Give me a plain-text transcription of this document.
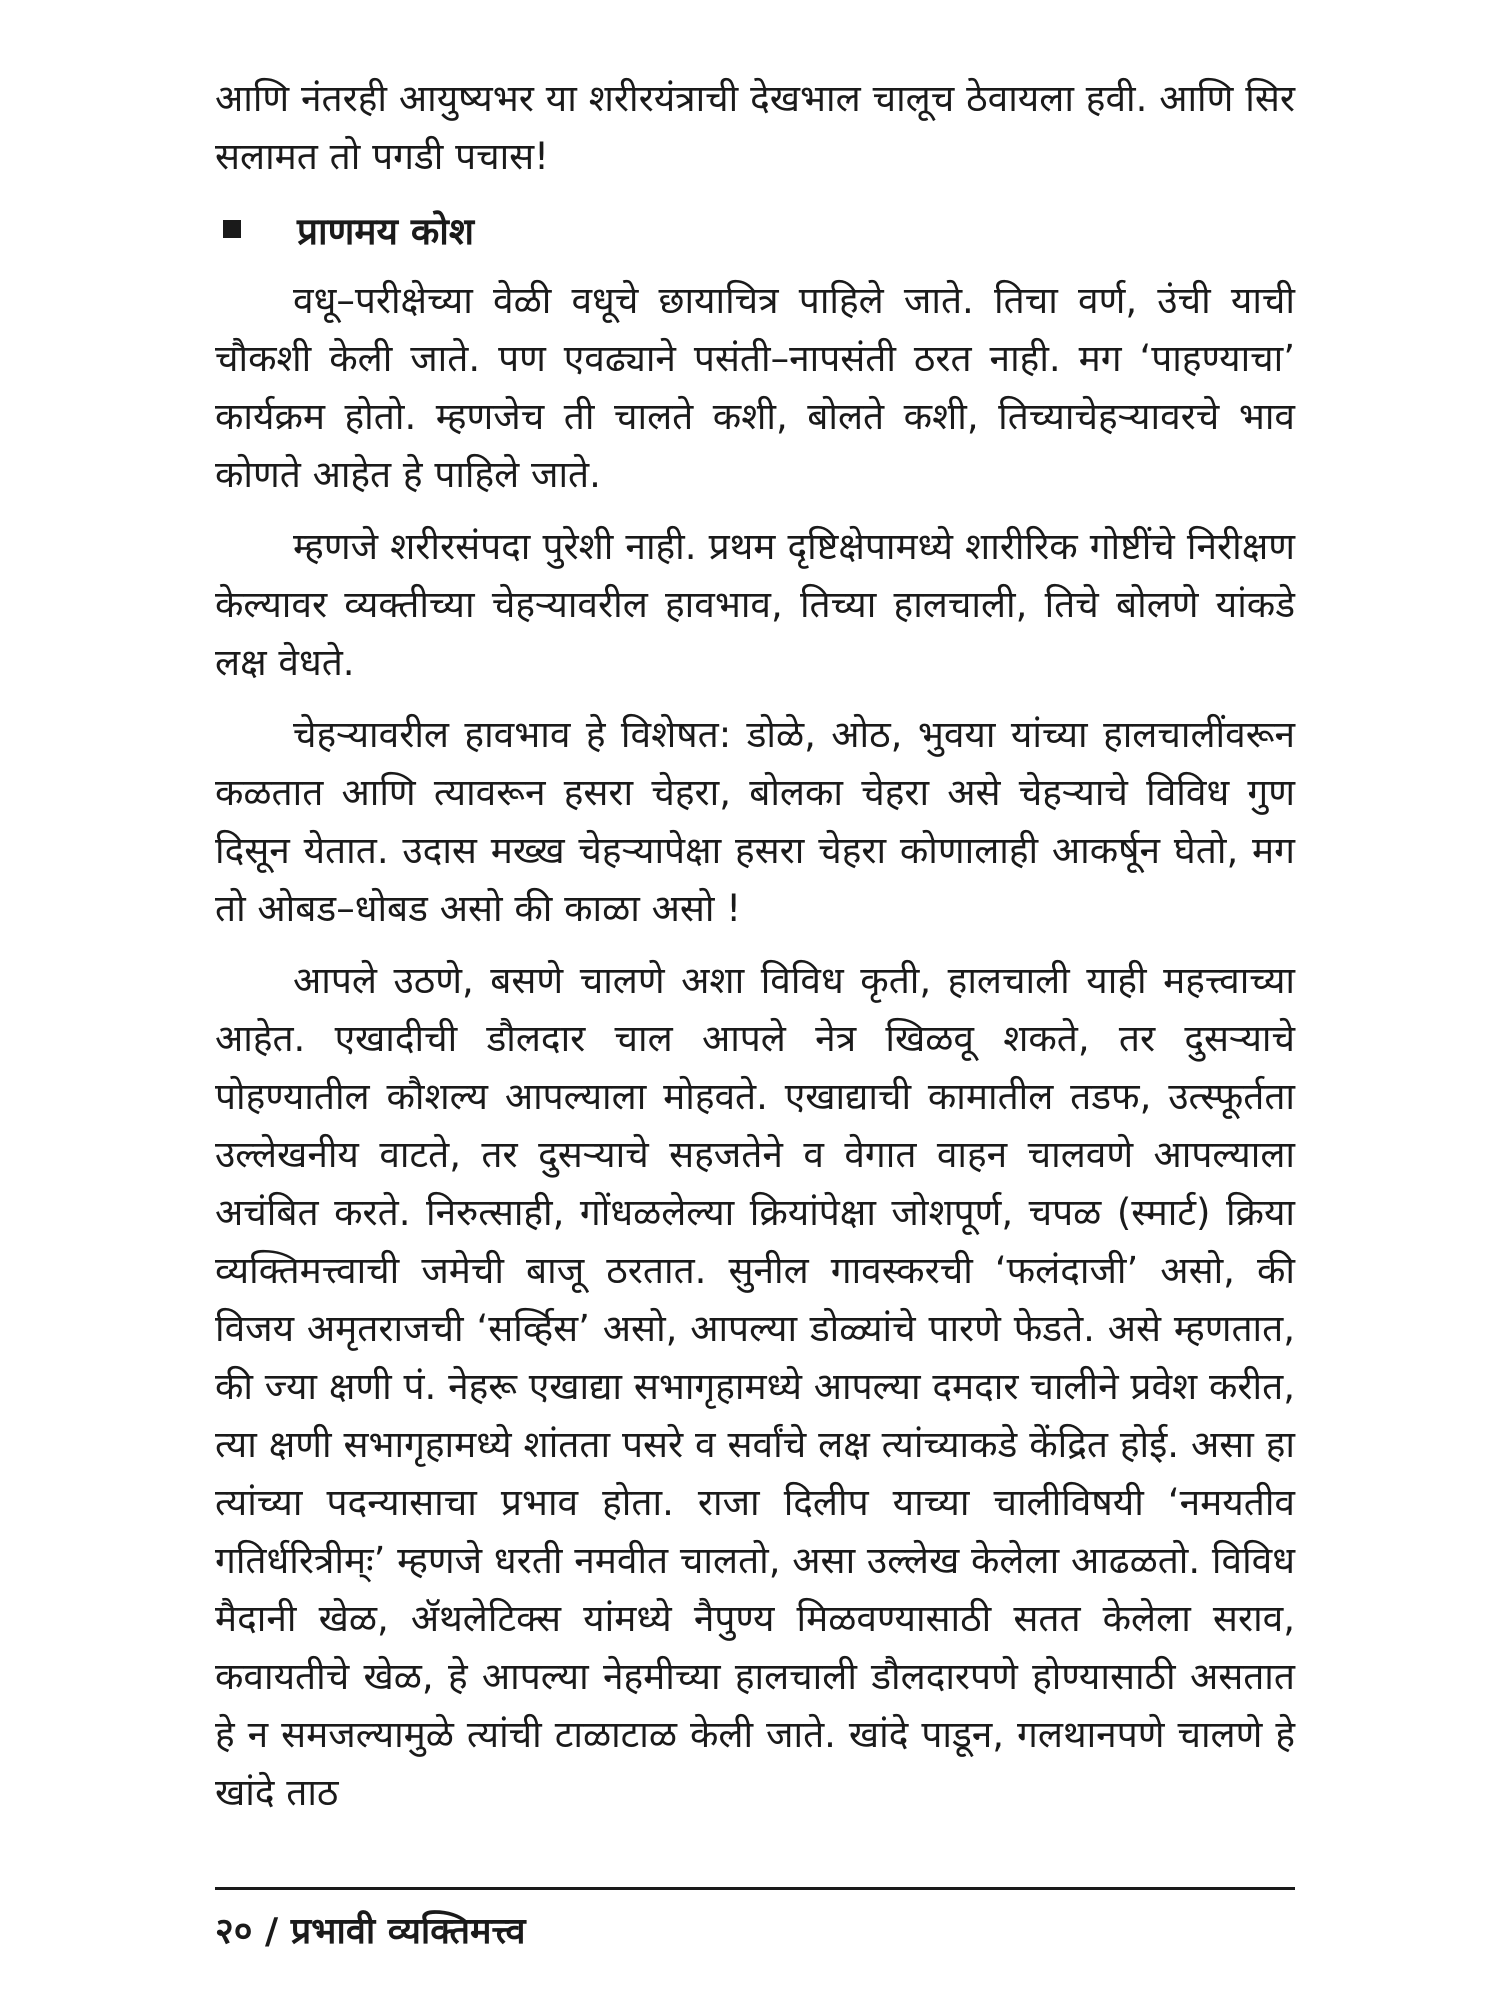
आणि नंतरही आयुष्यभर या शरीरयंत्राची देखभाल चालूच ठेवायला हवी. आणि सिर सलामत तो पगडी पचास!

प्राणमय कोश

वधू–परीक्षेच्या वेळी वधूचे छायाचित्र पाहिले जाते. तिचा वर्ण, उंची याची चौकशी केली जाते. पण एवढ्याने पसंती–नापसंती ठरत नाही. मग ‘पाहण्याचा’ कार्यक्रम होतो. म्हणजेच ती चालते कशी, बोलते कशी, तिच्याचेहऱ्यावरचे भाव कोणते आहेत हे पाहिले जाते.

म्हणजे शरीरसंपदा पुरेशी नाही. प्रथम दृष्टिक्षेपामध्ये शारीरिक गोष्टींचे निरीक्षण केल्यावर व्यक्तीच्या चेहऱ्यावरील हावभाव, तिच्या हालचाली, तिचे बोलणे यांकडे लक्ष वेधते.

चेहऱ्यावरील हावभाव हे विशेषत: डोळे, ओठ, भुवया यांच्या हालचालींवरून कळतात आणि त्यावरून हसरा चेहरा, बोलका चेहरा असे चेहऱ्याचे विविध गुण दिसून येतात. उदास मख्ख चेहऱ्यापेक्षा हसरा चेहरा कोणालाही आकर्षून घेतो, मग तो ओबड–धोबड असो की काळा असो !

आपले उठणे, बसणे चालणे अशा विविध कृती, हालचाली याही महत्त्वाच्या आहेत. एखादीची डौलदार चाल आपले नेत्र खिळवू शकते, तर दुसऱ्याचे पोहण्यातील कौशल्य आपल्याला मोहवते. एखाद्याची कामातील तडफ, उत्स्फूर्तता उल्लेखनीय वाटते, तर दुसऱ्याचे सहजतेने व वेगात वाहन चालवणे आपल्याला अचंबित करते. निरुत्साही, गोंधळलेल्या क्रियांपेक्षा जोशपूर्ण, चपळ (स्मार्ट) क्रिया व्यक्तिमत्त्वाची जमेची बाजू ठरतात. सुनील गावस्करची ‘फलंदाजी’ असो, की विजय अमृतराजची ‘सर्व्हिस’ असो, आपल्या डोळ्यांचे पारणे फेडते. असे म्हणतात, की ज्या क्षणी पं. नेहरू एखाद्या सभागृहामध्ये आपल्या दमदार चालीने प्रवेश करीत, त्या क्षणी सभागृहामध्ये शांतता पसरे व सर्वांचे लक्ष त्यांच्याकडे केंद्रित होई. असा हा त्यांच्या पदन्यासाचा प्रभाव होता. राजा दिलीप याच्या चालीविषयी ‘नमयतीव गतिर्धरित्रीम्ः’ म्हणजे धरती नमवीत चालतो, असा उल्लेख केलेला आढळतो. विविध मैदानी खेळ, ॲथलेटिक्स यांमध्ये नैपुण्य मिळवण्यासाठी सतत केलेला सराव, कवायतीचे खेळ, हे आपल्या नेहमीच्या हालचाली डौलदारपणे होण्यासाठी असतात हे न समजल्यामुळे त्यांची टाळाटाळ केली जाते. खांदे पाडून, गलथानपणे चालणे हे खांदे ताठ

२० / प्रभावी व्यक्तिमत्त्व
